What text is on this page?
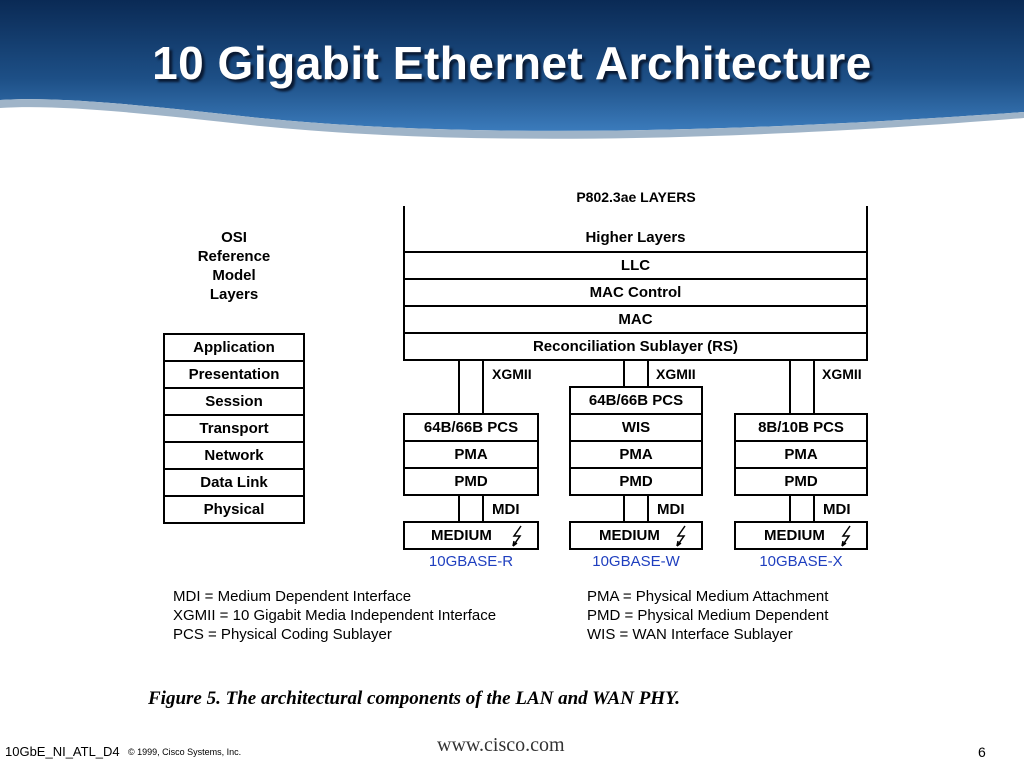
10 Gigabit Ethernet Architecture
OSI
Reference
Model
Layers
Application
Presentation
Session
Transport
Network
Data Link
Physical
P802.3ae LAYERS
Higher Layers
LLC
MAC Control
MAC
Reconciliation Sublayer (RS)
XGMII	XGMII	XGMII
64B/66B PCS
PMA
PMD
MDI
MEDIUM
10GBASE-R
64B/66B PCS
WIS
PMA
PMD
MDI
MEDIUM
10GBASE-W
8B/10B PCS
PMA
PMD
MDI
MEDIUM
10GBASE-X
MDI = Medium Dependent Interface
XGMII = 10 Gigabit Media Independent Interface
PCS = Physical Coding Sublayer
PMA = Physical Medium Attachment
PMD = Physical Medium Dependent
WIS = WAN Interface Sublayer
Figure 5. The architectural components of the LAN and WAN PHY.
10GbE_NI_ATL_D4 © 1999, Cisco Systems, Inc.	www.cisco.com	6
